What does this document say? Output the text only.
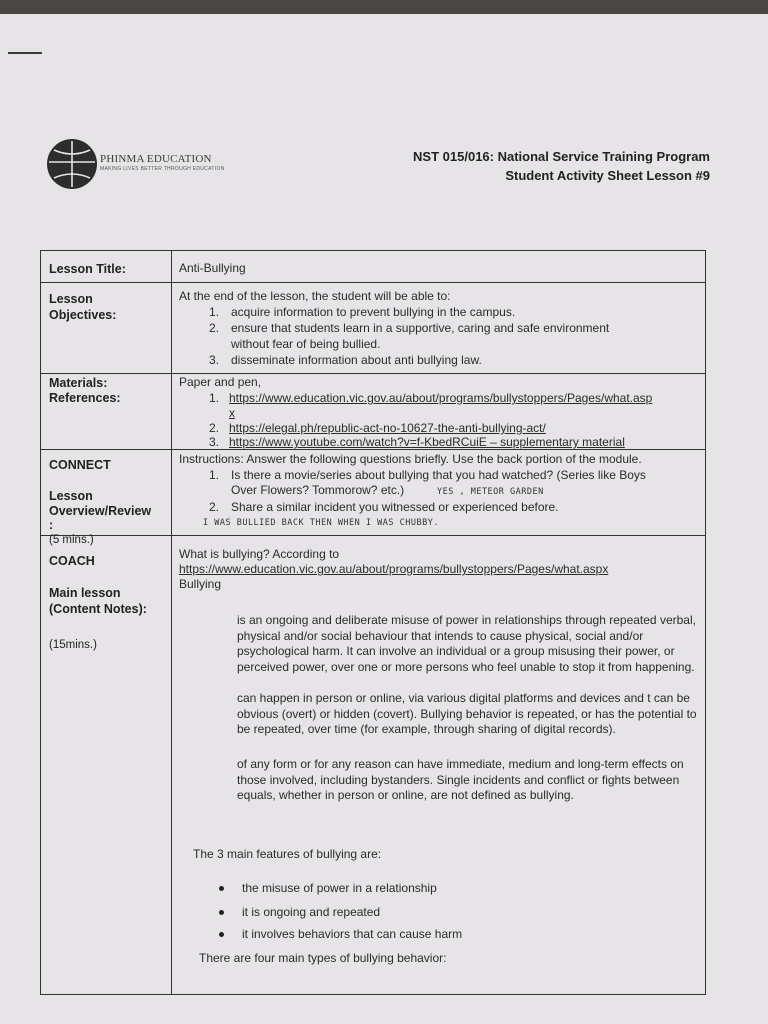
PHINMA EDUCATION
MAKING LIVES BETTER THROUGH EDUCATION
NST 015/016: National Service Training Program
Student Activity Sheet Lesson #9
Lesson Title:	Anti-Bullying
Lesson
Objectives:
At the end of the lesson, the student will be able to:
1. acquire information to prevent bullying in the campus.
2. ensure that students learn in a supportive, caring and safe environment
without fear of being bullied.
3. disseminate information about anti bullying law.
Materials:
References:
Paper and pen,
1. https://www.education.vic.gov.au/about/programs/bullystoppers/Pages/what.asp
x
2. https://elegal.ph/republic-act-no-10627-the-anti-bullying-act/
3. https://www.youtube.com/watch?v=f-KbedRCuiE – supplementary material
CONNECT
Lesson
Overview/Review
:
(5 mins.)
Instructions: Answer the following questions briefly. Use the back portion of the module.
1. Is there a movie/series about bullying that you had watched? (Series like Boys
Over Flowers? Tommorow? etc.)	YES , METEOR GARDEN
2. Share a similar incident you witnessed or experienced before.
I WAS BULLIED BACK THEN WHEN I WAS CHUBBY.
COACH
Main lesson
(Content Notes):
(15mins.)
What is bullying? According to
https://www.education.vic.gov.au/about/programs/bullystoppers/Pages/what.aspx
Bullying
is an ongoing and deliberate misuse of power in relationships through repeated verbal, physical and/or social behaviour that intends to cause physical, social and/or psychological harm. It can involve an individual or a group misusing their power, or perceived power, over one or more persons who feel unable to stop it from happening.
can happen in person or online, via various digital platforms and devices and t can be obvious (overt) or hidden (covert). Bullying behavior is repeated, or has the potential to be repeated, over time (for example, through sharing of digital records).
of any form or for any reason can have immediate, medium and long-term effects on those involved, including bystanders. Single incidents and conflict or fights between equals, whether in person or online, are not defined as bullying.
The 3 main features of bullying are:
the misuse of power in a relationship
it is ongoing and repeated
it involves behaviors that can cause harm
There are four main types of bullying behavior:
